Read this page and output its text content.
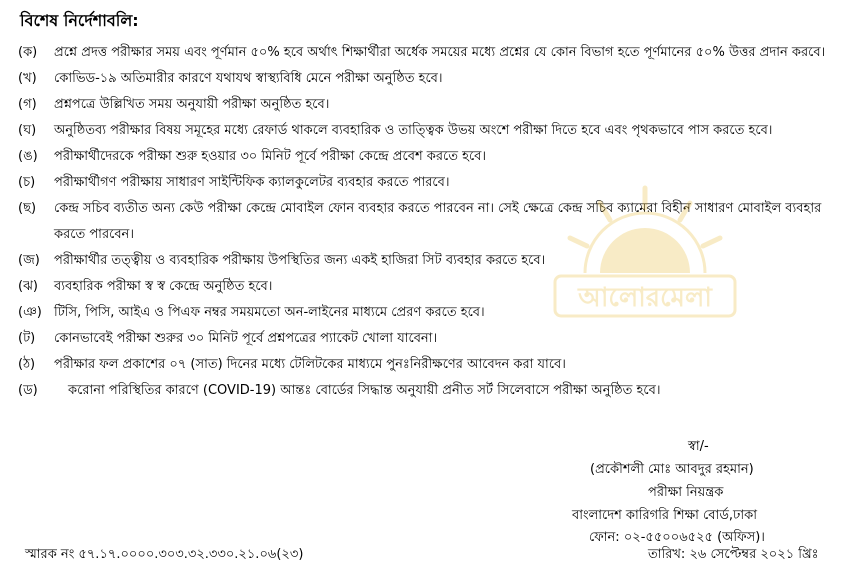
বিশেষ নির্দেশাবলি:
(ক)	প্রশ্নে প্রদত্ত পরীক্ষার সময় এবং পূর্ণমান ৫০% হবে অর্থাৎ শিক্ষার্থীরা অর্ধেক সময়ের মধ্যে প্রশ্নের যে কোন বিভাগ হতে পূর্ণমানের ৫০% উত্তর প্রদান করবে।
(খ)	কোভিড-১৯ অতিমারীর কারণে যথাযথ স্বাস্থ্যবিধি মেনে পরীক্ষা অনুষ্ঠিত হবে।
(গ)	প্রশ্নপত্রে উল্লিখিত সময় অনুযায়ী পরীক্ষা অনুষ্ঠিত হবে।
(ঘ)	অনুষ্ঠিতব্য পরীক্ষার বিষয় সমূহের মধ্যে রেফার্ড থাকলে ব্যবহারিক ও তাত্ত্বিক উভয় অংশে পরীক্ষা দিতে হবে এবং পৃথকভাবে পাস করতে হবে।
(ঙ)	পরীক্ষার্থীদেরকে পরীক্ষা শুরু হওয়ার ৩০ মিনিট পূর্বে পরীক্ষা কেন্দ্রে প্রবেশ করতে হবে।
(চ)	পরীক্ষার্থীগণ পরীক্ষায় সাধারণ সাইন্টিফিক ক্যালকুলেটর ব্যবহার করতে পারবে।
(ছ)	কেন্দ্র সচিব ব্যতীত অন্য কেউ পরীক্ষা কেন্দ্রে মোবাইল ফোন ব্যবহার করতে পারবেন না। সেই ক্ষেত্রে কেন্দ্র সচিব ক্যামেরা বিহীন সাধারণ মোবাইল ব্যবহার করতে পারবেন।
(জ)	পরীক্ষার্থীর তত্ত্বীয় ও ব্যবহারিক পরীক্ষায় উপস্থিতির জন্য একই হাজিরা সিট ব্যবহার করতে হবে।
(ঝ)	ব্যবহারিক পরীক্ষা স্ব স্ব কেন্দ্রে অনুষ্ঠিত হবে।
(ঞ) টিসি, পিসি, আইএ ও পিএফ নম্বর সময়মতো অন-লাইনের মাধ্যমে প্রেরণ করতে হবে।
(ট)	কোনভাবেই পরীক্ষা শুরুর ৩০ মিনিট পূর্বে প্রশ্নপত্রের প্যাকেট খোলা যাবেনা।
(ঠ)	পরীক্ষার ফল প্রকাশের ০৭ (সাত) দিনের মধ্যে টেলিটকের মাধ্যমে পুনঃনিরীক্ষণের আবেদন করা যাবে।
(ড)	করোনা পরিস্থিতির কারণে (COVID-19) আন্তঃ বোর্ডের সিদ্ধান্ত অনুযায়ী প্রনীত সর্ট সিলেবাসে পরীক্ষা অনুষ্ঠিত হবে।
আলোরমেলা
স্বা/-
(প্রকৌশলী মোঃ আবদুর রহমান)
পরীক্ষা নিয়ন্ত্রক
বাংলাদেশ কারিগরি শিক্ষা বোর্ড,ঢাকা
ফোন: ০২-৫৫০০৬৫২৫ (অফিস)।
স্মারক নং ৫৭.১৭.০০০০.৩০৩.৩২.৩৩০.২১.০৬(২৩)	তারিখ: ২৬ সেপ্টেম্বর ২০২১ খ্রিঃ
